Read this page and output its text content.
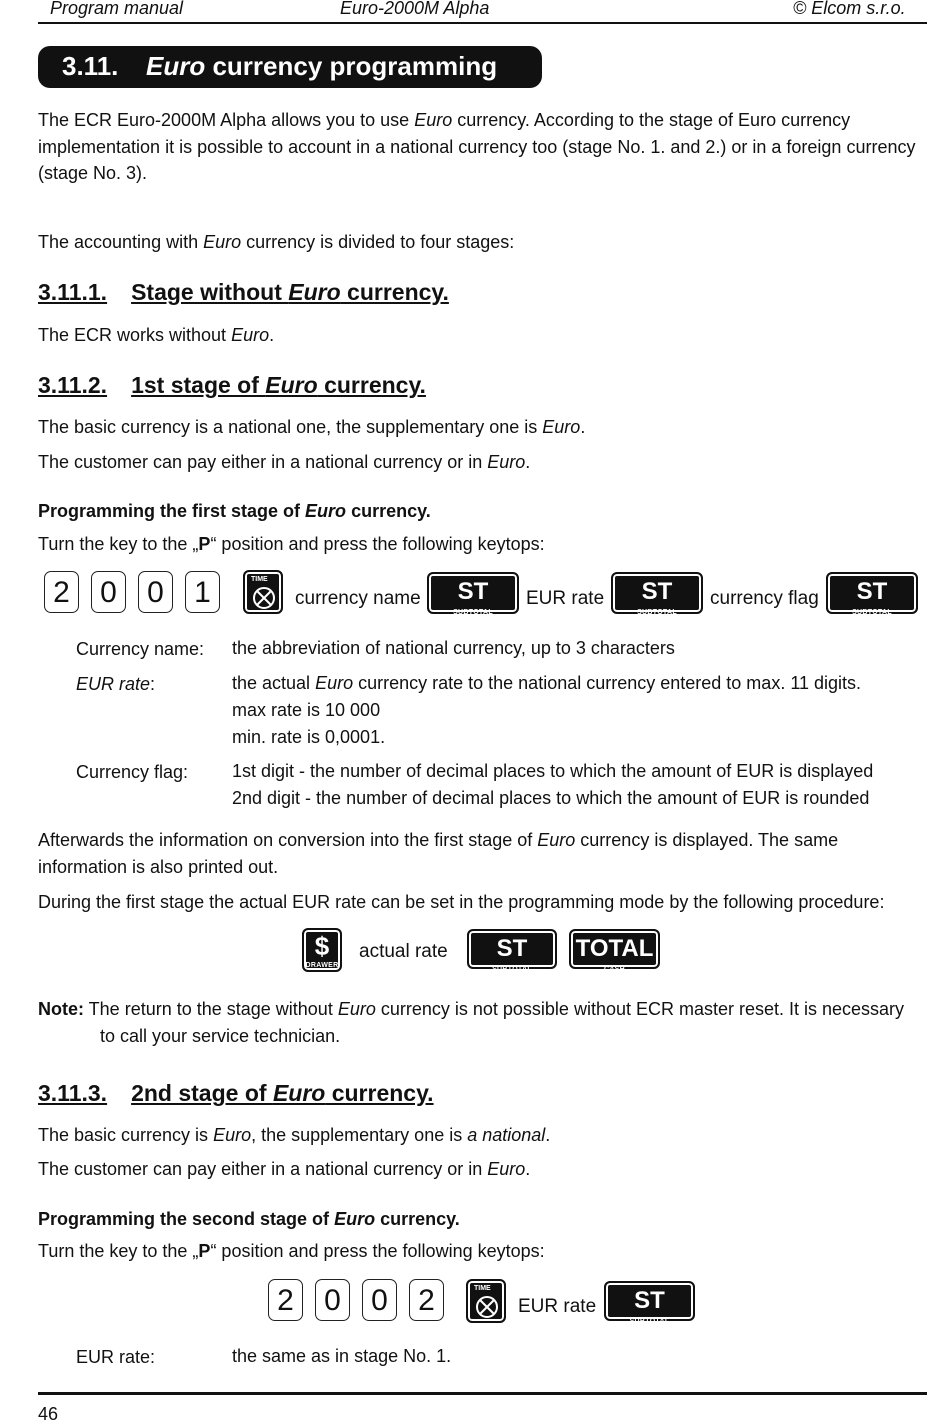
Program manual	Euro-2000M Alpha	© Elcom s.r.o.
3.11. Euro currency programming
The ECR Euro-2000M Alpha allows you to use Euro currency. According to the stage of Euro currency implementation it is possible to account in a national currency too (stage No. 1. and 2.) or in a foreign currency (stage No. 3).
The accounting with Euro currency is divided to four stages:
3.11.1. Stage without Euro currency.
The ECR works without Euro.
3.11.2. 1st stage of Euro currency.
The basic currency is a national one, the supplementary one is Euro.
The customer can pay either in a national currency or in Euro.
Programming the first stage of Euro currency.
Turn the key to the „P“ position and press the following keytops:
2	0	0	1	TIME
currency name	ST
SUBTOTAL
EUR rate	ST
SUBTOTAL
currency flag	ST
SUBTOTAL
Currency name: the abbreviation of national currency, up to 3 characters
EUR rate:	the actual Euro currency rate to the national currency entered to max. 11 digits.
max rate is 10 000
min. rate is 0,0001.
Currency flag: 1st digit - the number of decimal places to which the amount of EUR is displayed
2nd digit - the number of decimal places to which the amount of EUR is rounded
Afterwards the information on conversion into the first stage of Euro currency is displayed. The same information is also printed out.
During the first stage the actual EUR rate can be set in the programming mode by the following procedure:
$
DRAWER
actual rate	ST
SUBTOTAL
TOTAL
CASH
Note: The return to the stage without Euro currency is not possible without ECR master reset. It is necessary
to call your service technician.
3.11.3. 2nd stage of Euro currency.
The basic currency is Euro, the supplementary one is a national.
The customer can pay either in a national currency or in Euro.
Programming the second stage of Euro currency.
Turn the key to the „P“ position and press the following keytops:
2	0	0	2	TIME
EUR rate	ST
SUBTOTAL
EUR rate:	the same as in stage No. 1.
46
